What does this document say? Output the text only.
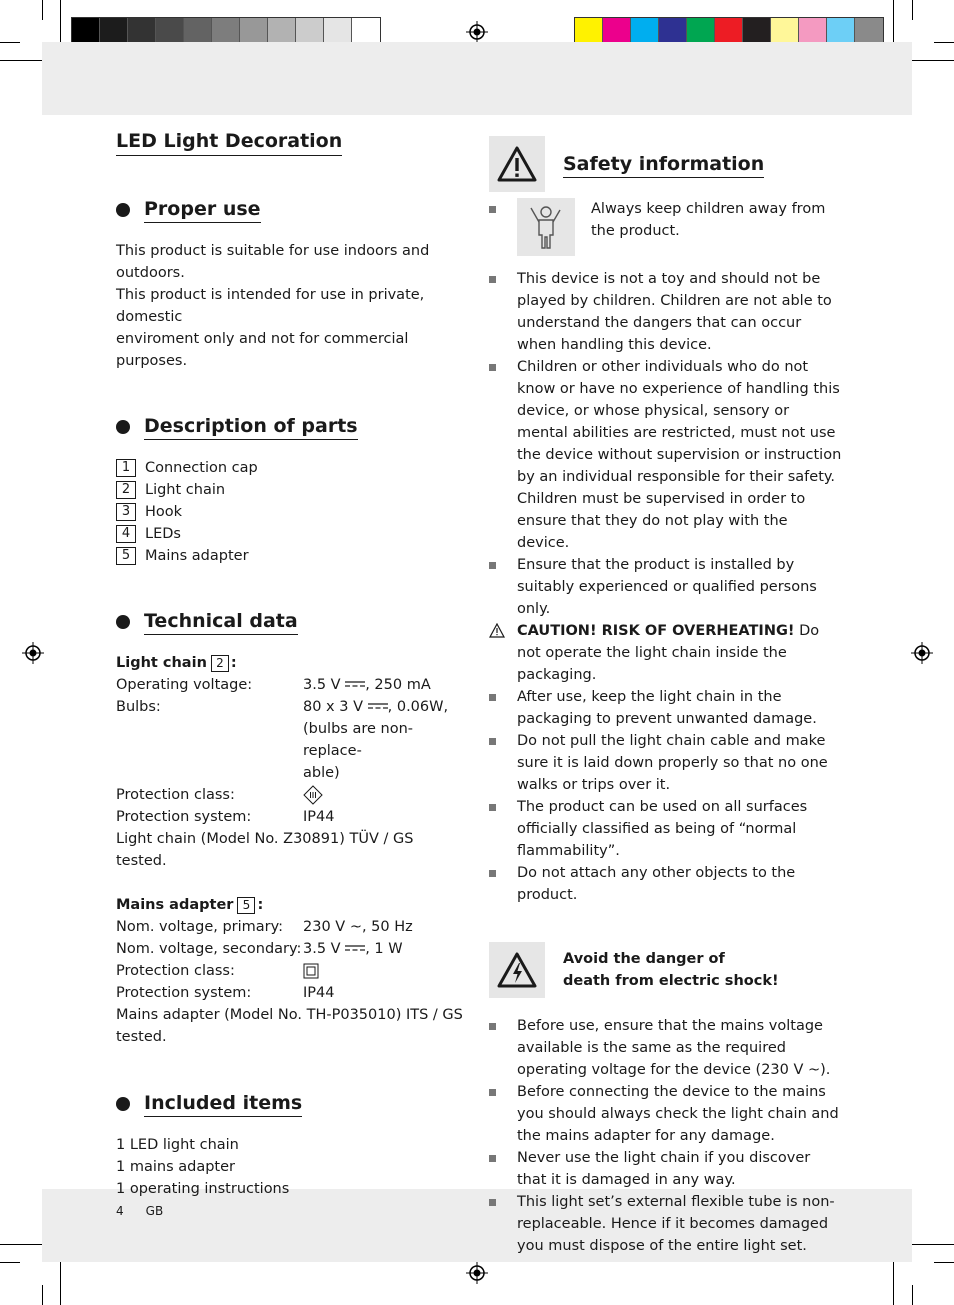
LED Light Decoration
Proper use
This product is suitable for use indoors and outdoors.
This product is intended for use in private, domestic
enviroment only and not for commercial purposes.
Description of parts
1	Connection cap
2	Light chain
3	Hook
4	LEDs
5	Mains adapter
Technical data
Light chain 2 :
Operating voltage:	3.5 V , 250 mA
Bulbs:	80 x 3 V , 0.06W,
(bulbs are non-replace-
able)
Protection class:
Protection system:	IP44
Light chain (Model No. Z30891) TÜV / GS tested.
Mains adapter 5 :
Nom. voltage, primary:	230 V ~, 50 Hz
Nom. voltage, secondary: 3.5 V , 1 W
Protection class:
Protection system:	IP44
Mains adapter (Model No. TH-P035010) ITS / GS
tested.
Included items
1 LED light chain
1 mains adapter
1 operating instructions
Safety information
Always keep children away from the product.
This device is not a toy and should not be played by children. Children are not able to understand the dangers that can occur when handling this device.
Children or other individuals who do not know or have no experience of handling this device, or whose physical, sensory or mental abilities are restricted, must not use the device without supervision or instruction by an individual responsible for their safety. Children must be supervised in order to ensure that they do not play with the device.
Ensure that the product is installed by suitably experienced or qualified persons only.
CAUTION! RISK OF OVERHEATING! Do not operate the light chain inside the packaging.
After use, keep the light chain in the packaging to prevent unwanted damage.
Do not pull the light chain cable and make sure it is laid down properly so that no one walks or trips over it.
The product can be used on all surfaces officially classified as being of “normal flammability”.
Do not attach any other objects to the product.
Avoid the danger of
death from electric shock!
Before use, ensure that the mains voltage available is the same as the required operating voltage for the device (230 V ~).
Before connecting the device to the mains you should always check the light chain and the mains adapter for any damage.
Never use the light chain if you discover that it is damaged in any way.
This light set’s external flexible tube is non-replaceable. Hence if it becomes damaged you must dispose of the entire light set.
4 GB
